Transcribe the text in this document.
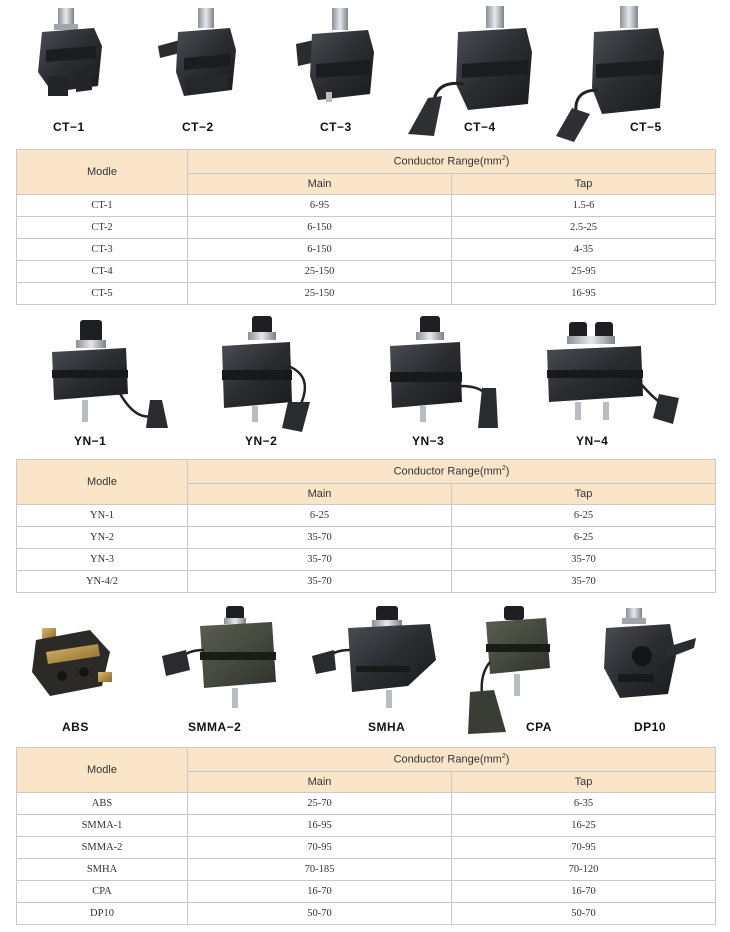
CT−1	CT−2	CT−3	CT−4	CT−5
Modle	Conductor $Range(mm^2)$	
	Main	Tap
CT-1	6-95	1.5-6
CT-2	6-150	2.5-25
CT-3	6-150	4-35
CT-4	25-150	25-95
CT-5	25-150	16-95
YN−1	YN−2	YN−3	YN−4
Modle	Conductor $Range(mm^2)$	
	Main	Tap
YN-1	6-25	6-25
YN-2	35-70	6-25
YN-3	35-70	35-70
YN-4/2	35-70	35-70
ABS	SMMA−2	SMHA	CPA	DP10
Modle	Conductor $Range(mm^2)$	
	Main	Tap
ABS	25-70	6-35
SMMA-1	16-95	16-25
SMMA-2	70-95	70-95
SMHA	70-185	70-120
CPA	16-70	16-70
DP10	50-70	50-70
